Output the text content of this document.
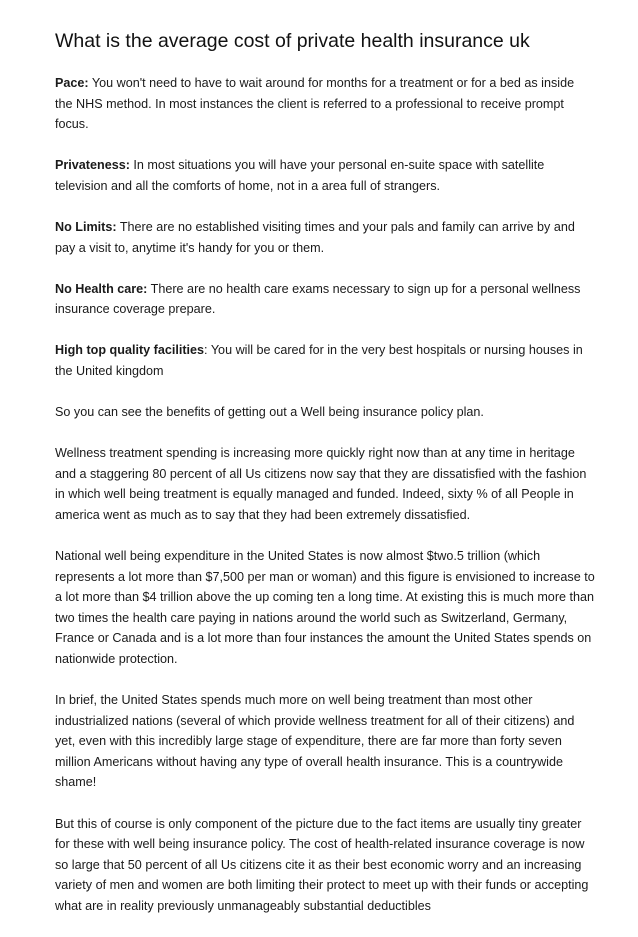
What is the average cost of private health insurance uk

Pace: You won't need to have to wait around for months for a treatment or for a bed as inside the NHS method. In most instances the client is referred to a professional to receive prompt focus.

Privateness: In most situations you will have your personal en-suite space with satellite television and all the comforts of home, not in a area full of strangers.

No Limits: There are no established visiting times and your pals and family can arrive by and pay a visit to, anytime it's handy for you or them.

No Health care: There are no health care exams necessary to sign up for a personal wellness insurance coverage prepare.

High top quality facilities: You will be cared for in the very best hospitals or nursing houses in the United kingdom

So you can see the benefits of getting out a Well being insurance policy plan.

Wellness treatment spending is increasing more quickly right now than at any time in heritage and a staggering 80 percent of all Us citizens now say that they are dissatisfied with the fashion in which well being treatment is equally managed and funded. Indeed, sixty % of all People in america went as much as to say that they had been extremely dissatisfied.

National well being expenditure in the United States is now almost $two.5 trillion (which represents a lot more than $7,500 per man or woman) and this figure is envisioned to increase to a lot more than $4 trillion above the up coming ten a long time. At existing this is much more than two times the health care paying in nations around the world such as Switzerland, Germany, France or Canada and is a lot more than four instances the amount the United States spends on nationwide protection.

In brief, the United States spends much more on well being treatment than most other industrialized nations (several of which provide wellness treatment for all of their citizens) and yet, even with this incredibly large stage of expenditure, there are far more than forty seven million Americans without having any type of overall health insurance. This is a countrywide shame!

But this of course is only component of the picture due to the fact items are usually tiny greater for these with well being insurance policy. The cost of health-related insurance coverage is now so large that 50 percent of all Us citizens cite it as their best economic worry and an increasing variety of men and women are both limiting their protect to meet up with their funds or accepting what are in reality previously unmanageably substantial deductibles
